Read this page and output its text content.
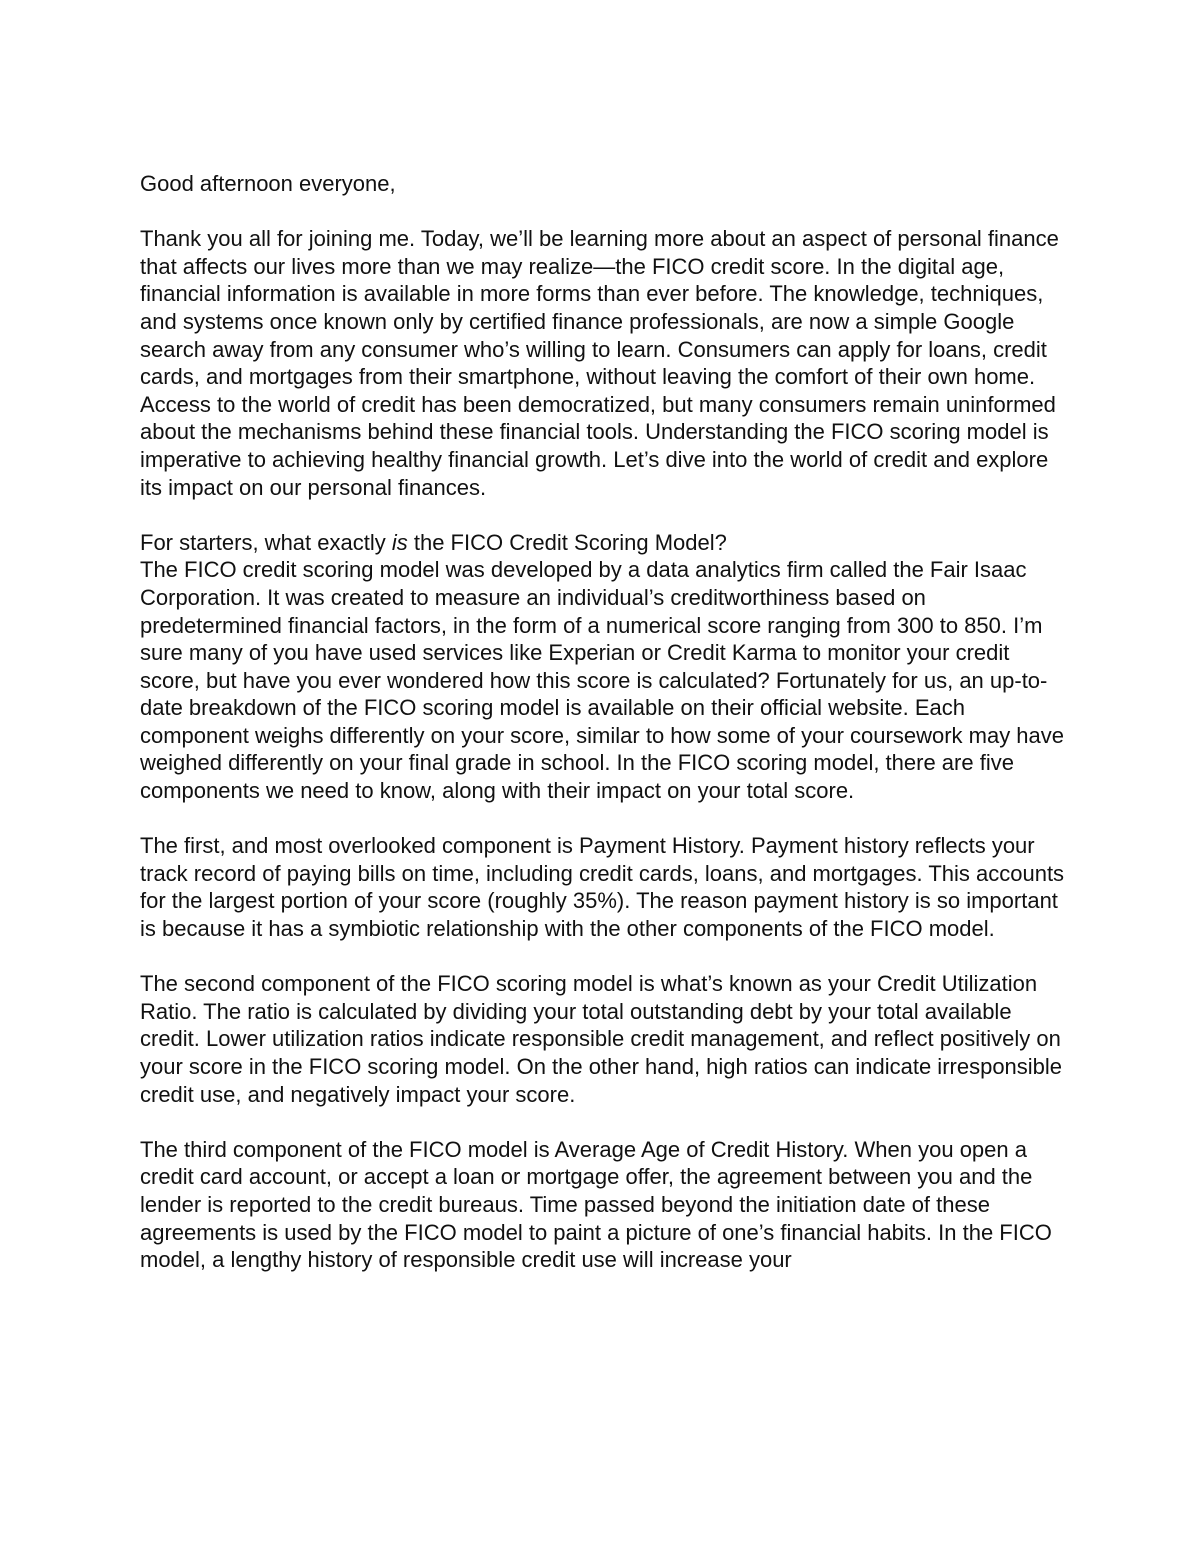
Good afternoon everyone,

Thank you all for joining me. Today, we’ll be learning more about an aspect of personal finance that affects our lives more than we may realize—the FICO credit score. In the digital age, financial information is available in more forms than ever before. The knowledge, techniques, and systems once known only by certified finance professionals, are now a simple Google search away from any consumer who’s willing to learn. Consumers can apply for loans, credit cards, and mortgages from their smartphone, without leaving the comfort of their own home. Access to the world of credit has been democratized, but many consumers remain uninformed about the mechanisms behind these financial tools. Understanding the FICO scoring model is imperative to achieving healthy financial growth. Let’s dive into the world of credit and explore its impact on our personal finances.

For starters, what exactly is the FICO Credit Scoring Model?

The FICO credit scoring model was developed by a data analytics firm called the Fair Isaac Corporation. It was created to measure an individual’s creditworthiness based on predetermined financial factors, in the form of a numerical score ranging from 300 to 850. I’m sure many of you have used services like Experian or Credit Karma to monitor your credit score, but have you ever wondered how this score is calculated? Fortunately for us, an up-to-date breakdown of the FICO scoring model is available on their official website. Each component weighs differently on your score, similar to how some of your coursework may have weighed differently on your final grade in school. In the FICO scoring model, there are five components we need to know, along with their impact on your total score.

The first, and most overlooked component is Payment History. Payment history reflects your track record of paying bills on time, including credit cards, loans, and mortgages. This accounts for the largest portion of your score (roughly 35%). The reason payment history is so important is because it has a symbiotic relationship with the other components of the FICO model.

The second component of the FICO scoring model is what’s known as your Credit Utilization Ratio. The ratio is calculated by dividing your total outstanding debt by your total available credit. Lower utilization ratios indicate responsible credit management, and reflect positively on your score in the FICO scoring model. On the other hand, high ratios can indicate irresponsible credit use, and negatively impact your score.

The third component of the FICO model is Average Age of Credit History. When you open a credit card account, or accept a loan or mortgage offer, the agreement between you and the lender is reported to the credit bureaus. Time passed beyond the initiation date of these agreements is used by the FICO model to paint a picture of one’s financial habits. In the FICO model, a lengthy history of responsible credit use will increase your
